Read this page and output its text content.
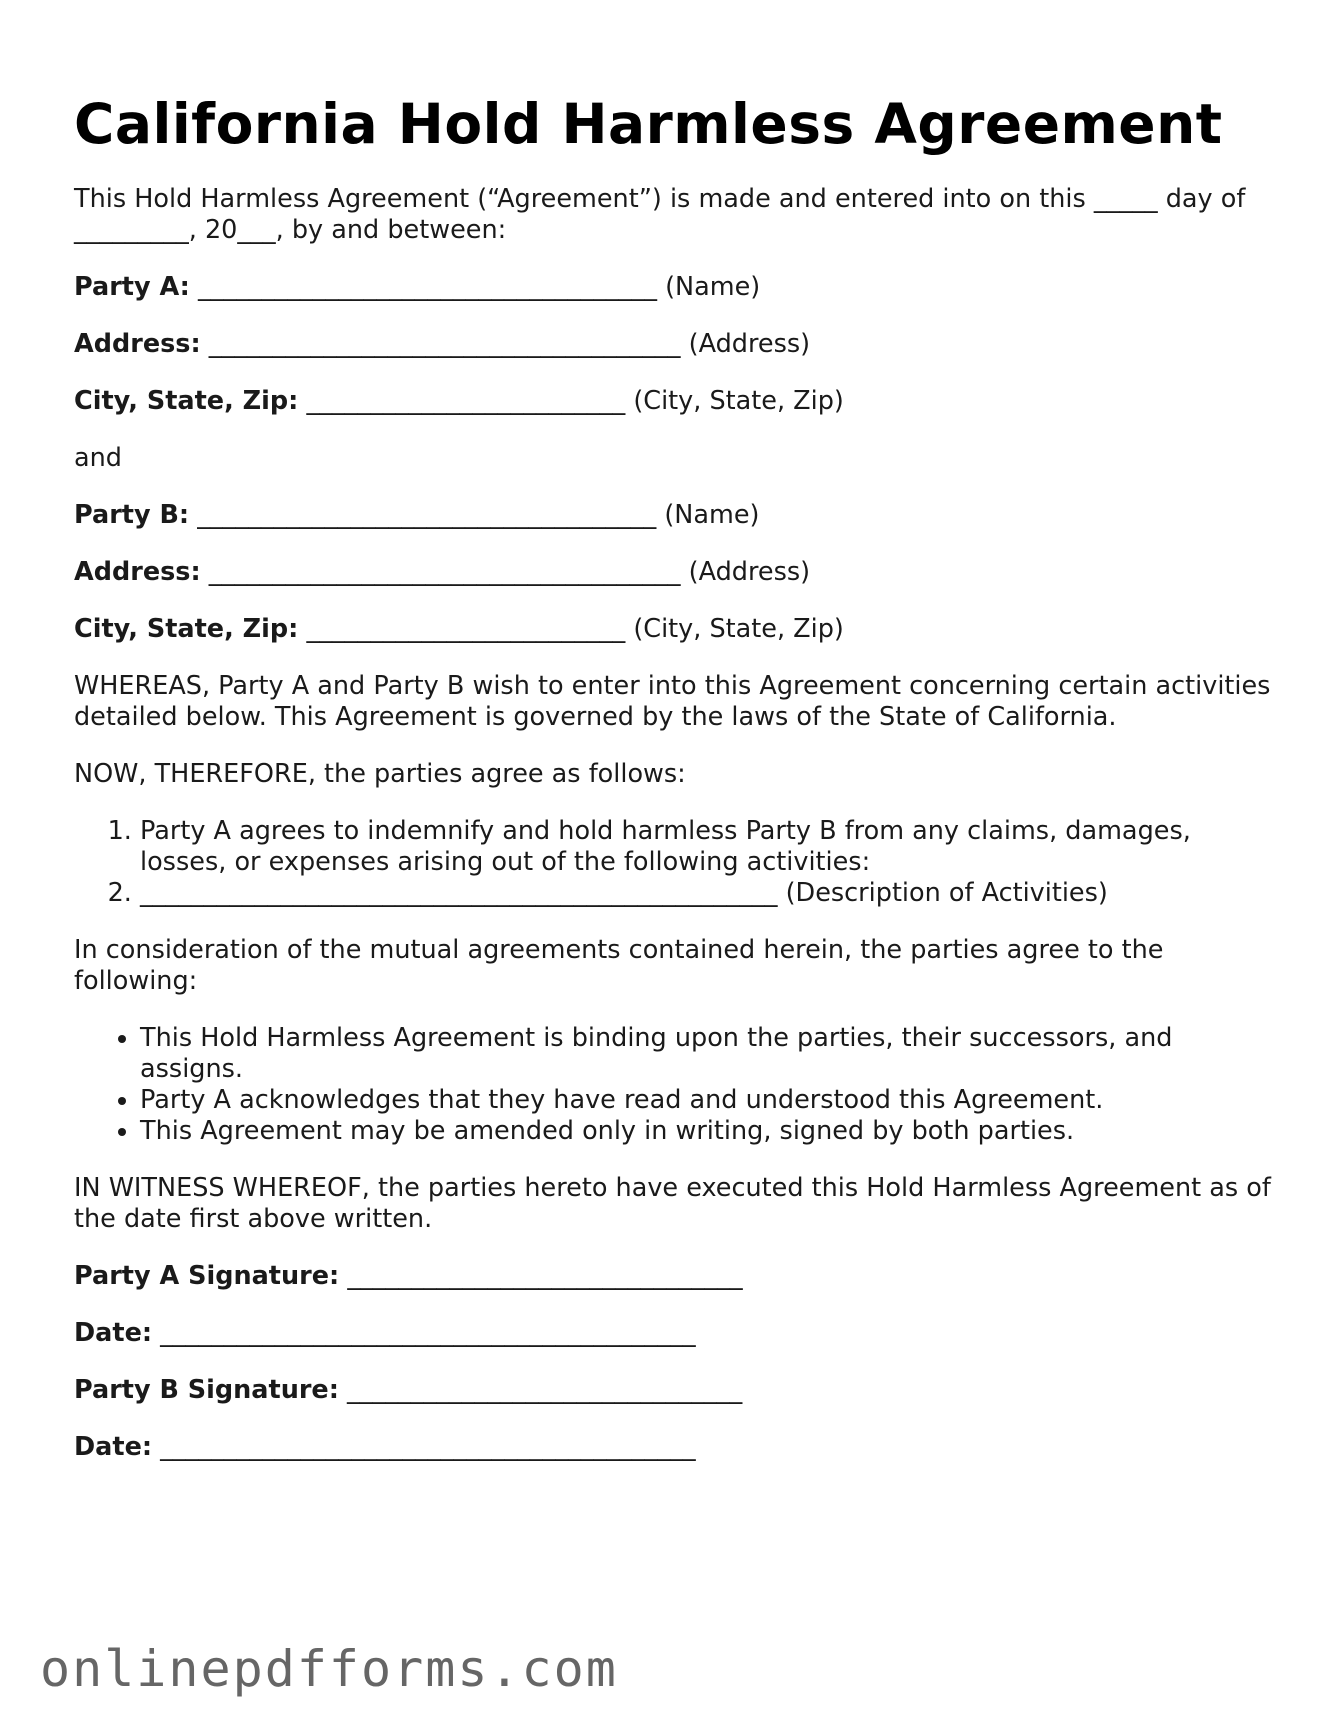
California Hold Harmless Agreement

This Hold Harmless Agreement (“Agreement”) is made and entered into on this _____ day of _________, 20___, by and between:

Party A: ____________________________________ (Name)

Address: _____________________________________ (Address)

City, State, Zip: _________________________ (City, State, Zip)

and

Party B: ____________________________________ (Name)

Address: _____________________________________ (Address)

City, State, Zip: _________________________ (City, State, Zip)

WHEREAS, Party A and Party B wish to enter into this Agreement concerning certain activities detailed below. This Agreement is governed by the laws of the State of California.

NOW, THEREFORE, the parties agree as follows:

1. Party A agrees to indemnify and hold harmless Party B from any claims, damages, losses, or expenses arising out of the following activities:
2. __________________________________________________ (Description of Activities)

In consideration of the mutual agreements contained herein, the parties agree to the following:

• This Hold Harmless Agreement is binding upon the parties, their successors, and assigns.
• Party A acknowledges that they have read and understood this Agreement.
• This Agreement may be amended only in writing, signed by both parties.

IN WITNESS WHEREOF, the parties hereto have executed this Hold Harmless Agreement as of the date first above written.

Party A Signature: _______________________________

Date: __________________________________________

Party B Signature: _______________________________

Date: __________________________________________

onlinepdfforms.com
